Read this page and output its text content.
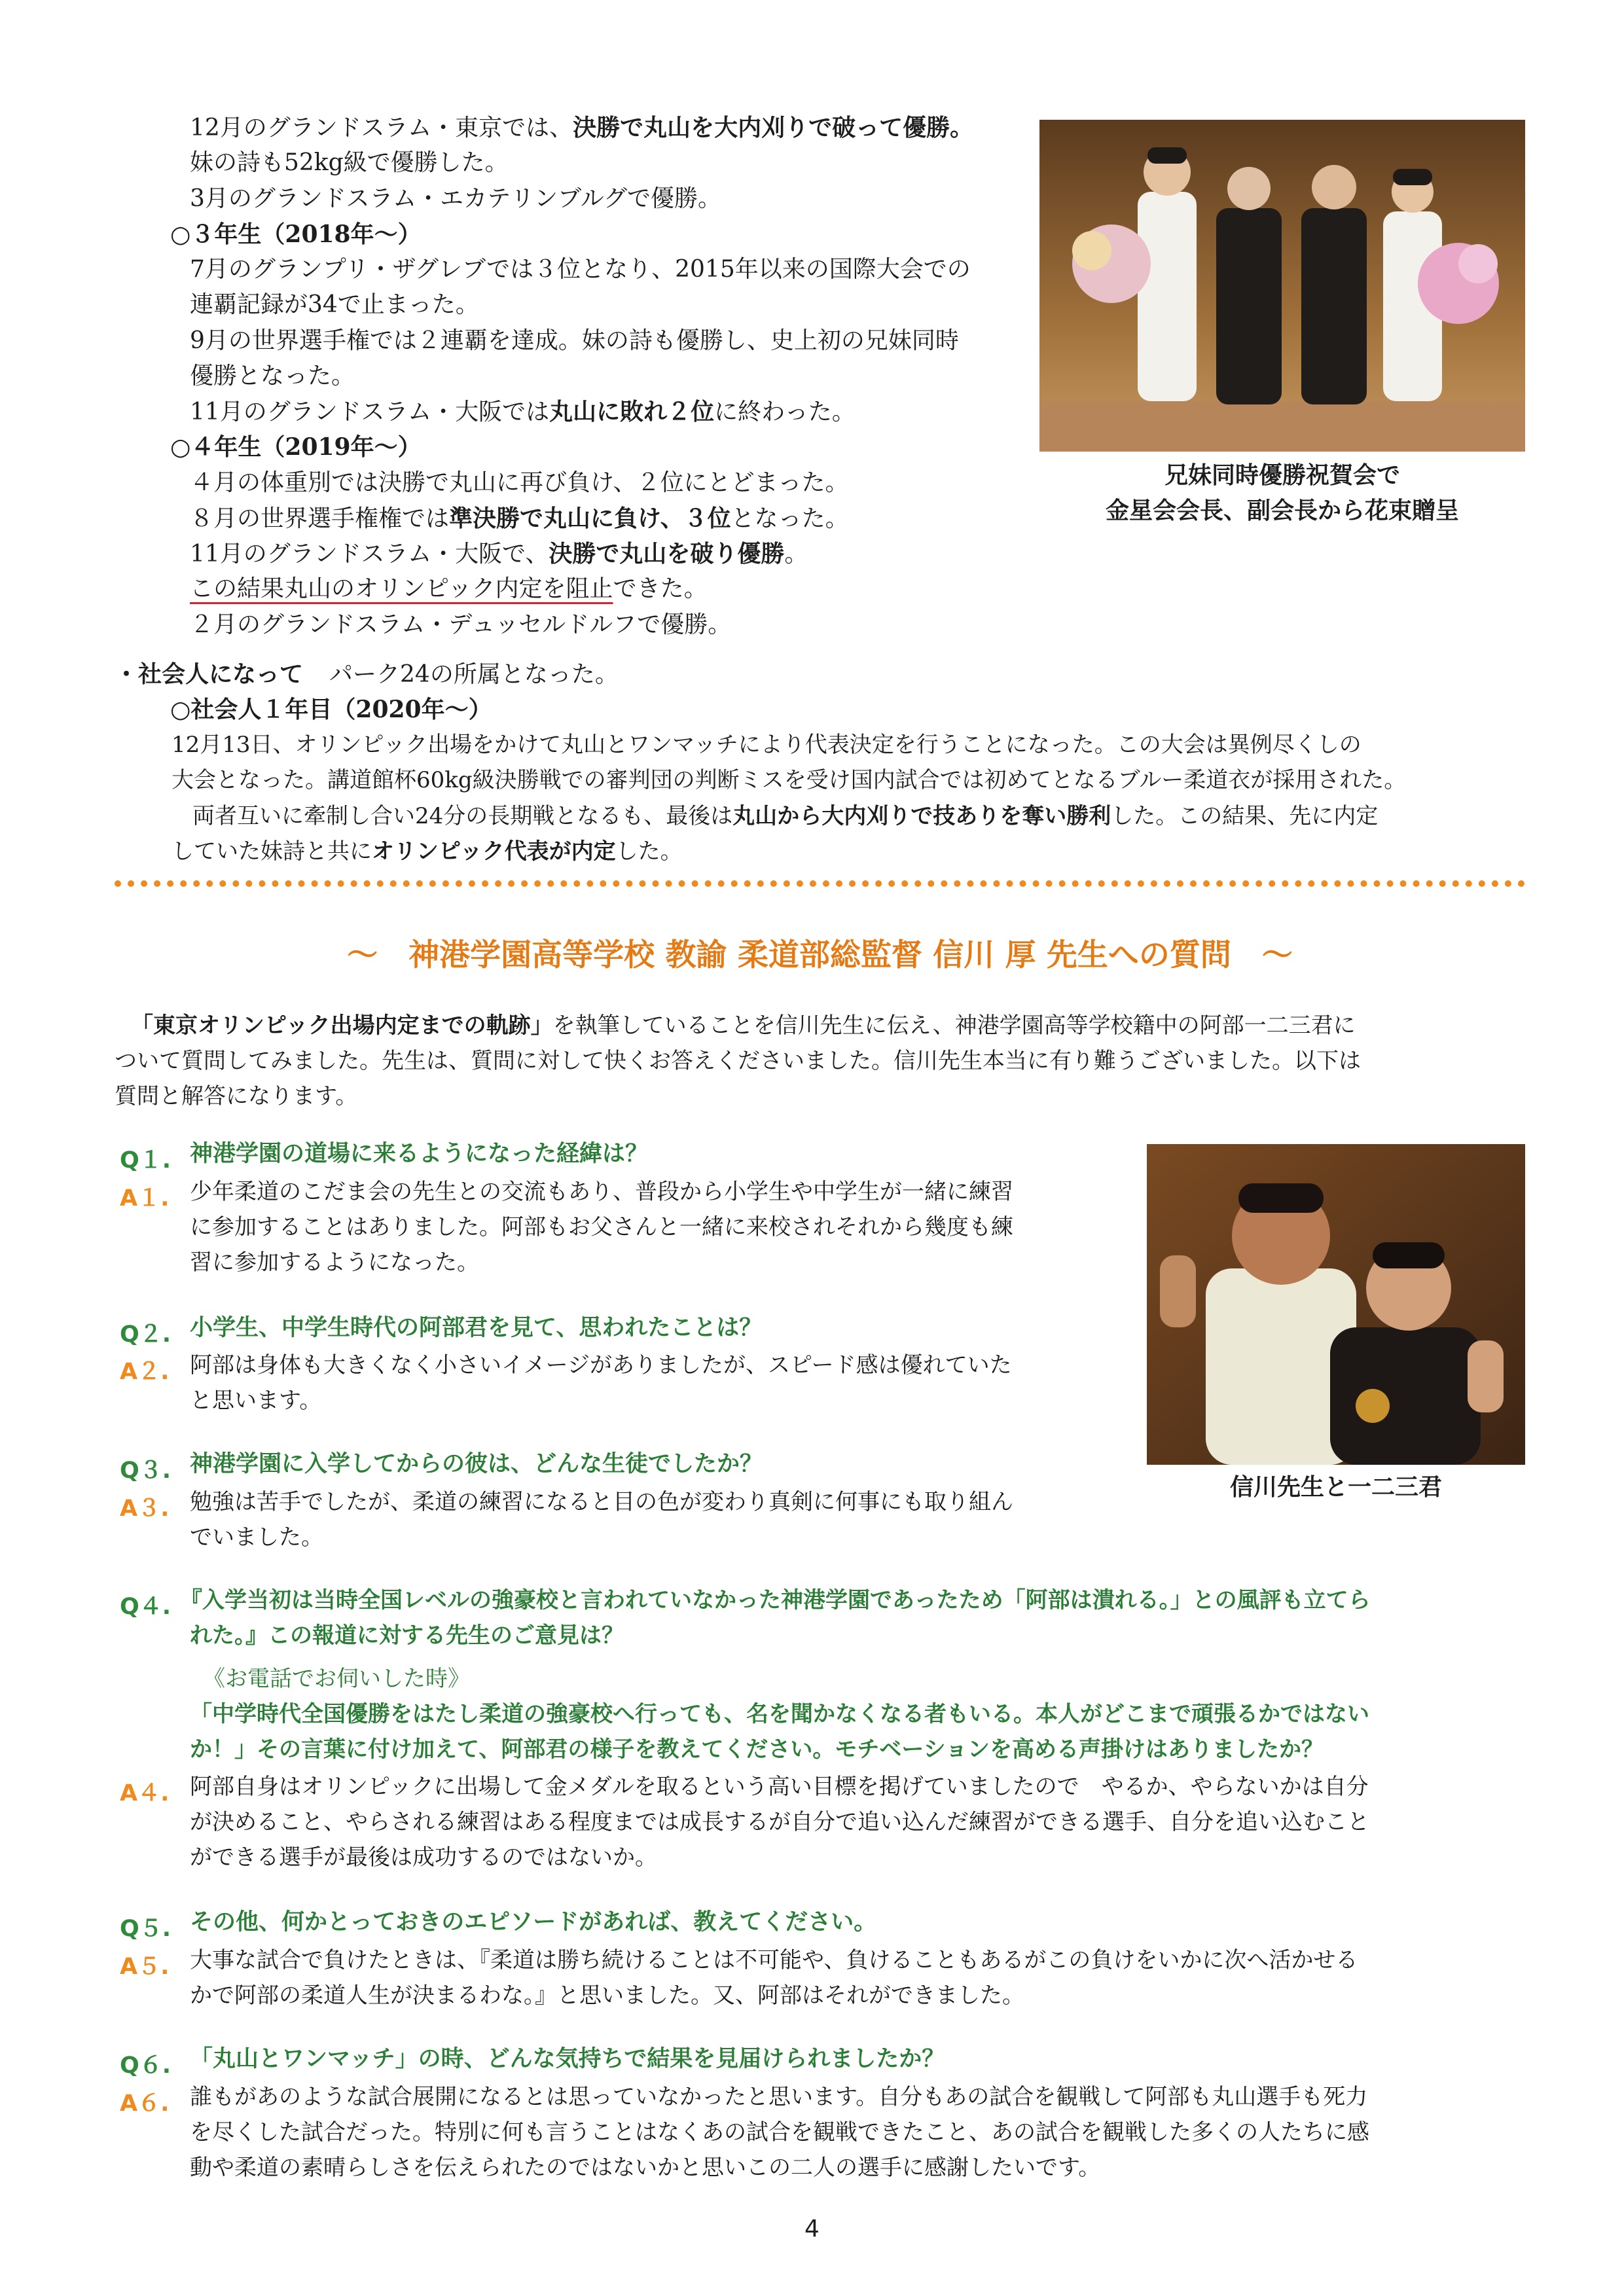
12月のグランドスラム・東京では、決勝で丸山を大内刈りで破って優勝。
妹の詩も52kg級で優勝した。
3月のグランドスラム・エカテリンブルグで優勝。
○３年生（2018年〜）
7月のグランプリ・ザグレブでは３位となり、2015年以来の国際大会での
連覇記録が34で止まった。
9月の世界選手権では２連覇を達成。妹の詩も優勝し、史上初の兄妹同時
優勝となった。
11月のグランドスラム・大阪では丸山に敗れ２位に終わった。
○４年生（2019年〜）
４月の体重別では決勝で丸山に再び負け、２位にとどまった。
８月の世界選手権権では準決勝で丸山に負け、３位となった。
11月のグランドスラム・大阪で、決勝で丸山を破り優勝。
この結果丸山のオリンピック内定を阻止できた。
２月のグランドスラム・デュッセルドルフで優勝。
・社会人になって パーク24の所属となった。
○社会人１年目（2020年〜）
12月13日、オリンピック出場をかけて丸山とワンマッチにより代表決定を行うことになった。この大会は異例尽くしの
大会となった。講道館杯60kg級決勝戦での審判団の判断ミスを受け国内試合では初めてとなるブルー柔道衣が採用された。
両者互いに牽制し合い24分の長期戦となるも、最後は丸山から大内刈りで技ありを奪い勝利した。この結果、先に内定
していた妹詩と共にオリンピック代表が内定した。
兄妹同時優勝祝賀会で
金星会会長、副会長から花束贈呈
〜　神港学園高等学校 教諭 柔道部総監督 信川 厚 先生への質問　〜
「東京オリンピック出場内定までの軌跡」を執筆していることを信川先生に伝え、神港学園高等学校籍中の阿部一二三君に
ついて質問してみました。先生は、質問に対して快くお答えくださいました。信川先生本当に有り難うございました。以下は
質問と解答になります。
信川先生と一二三君
Q１. 神港学園の道場に来るようになった経緯は？
A１. 少年柔道のこだま会の先生との交流もあり、普段から小学生や中学生が一緒に練習
に参加することはありました。阿部もお父さんと一緒に来校されそれから幾度も練
習に参加するようになった。
Q２. 小学生、中学生時代の阿部君を見て、思われたことは？
A２. 阿部は身体も大きくなく小さいイメージがありましたが、スピード感は優れていた
と思います。
Q３. 神港学園に入学してからの彼は、どんな生徒でしたか？
A３. 勉強は苦手でしたが、柔道の練習になると目の色が変わり真剣に何事にも取り組ん
でいました。
Q４. 『入学当初は当時全国レベルの強豪校と言われていなかった神港学園であったため「阿部は潰れる。」との風評も立てら
れた。』この報道に対する先生のご意見は？
《お電話でお伺いした時》
「中学時代全国優勝をはたし柔道の強豪校へ行っても、名を聞かなくなる者もいる。本人がどこまで頑張るかではない
か！」その言葉に付け加えて、阿部君の様子を教えてください。モチベーションを高める声掛けはありましたか？
A４. 阿部自身はオリンピックに出場して金メダルを取るという高い目標を掲げていましたので　やるか、やらないかは自分
が決めること、やらされる練習はある程度までは成長するが自分で追い込んだ練習ができる選手、自分を追い込むこと
ができる選手が最後は成功するのではないか。
Q５. その他、何かとっておきのエピソードがあれば、教えてください。
A５. 大事な試合で負けたときは、『柔道は勝ち続けることは不可能や、負けることもあるがこの負けをいかに次へ活かせる
かで阿部の柔道人生が決まるわな。』と思いました。又、阿部はそれができました。
Q６. 「丸山とワンマッチ」の時、どんな気持ちで結果を見届けられましたか？
A６. 誰もがあのような試合展開になるとは思っていなかったと思います。自分もあの試合を観戦して阿部も丸山選手も死力
を尽くした試合だった。特別に何も言うことはなくあの試合を観戦できたこと、あの試合を観戦した多くの人たちに感
動や柔道の素晴らしさを伝えられたのではないかと思いこの二人の選手に感謝したいです。
4
